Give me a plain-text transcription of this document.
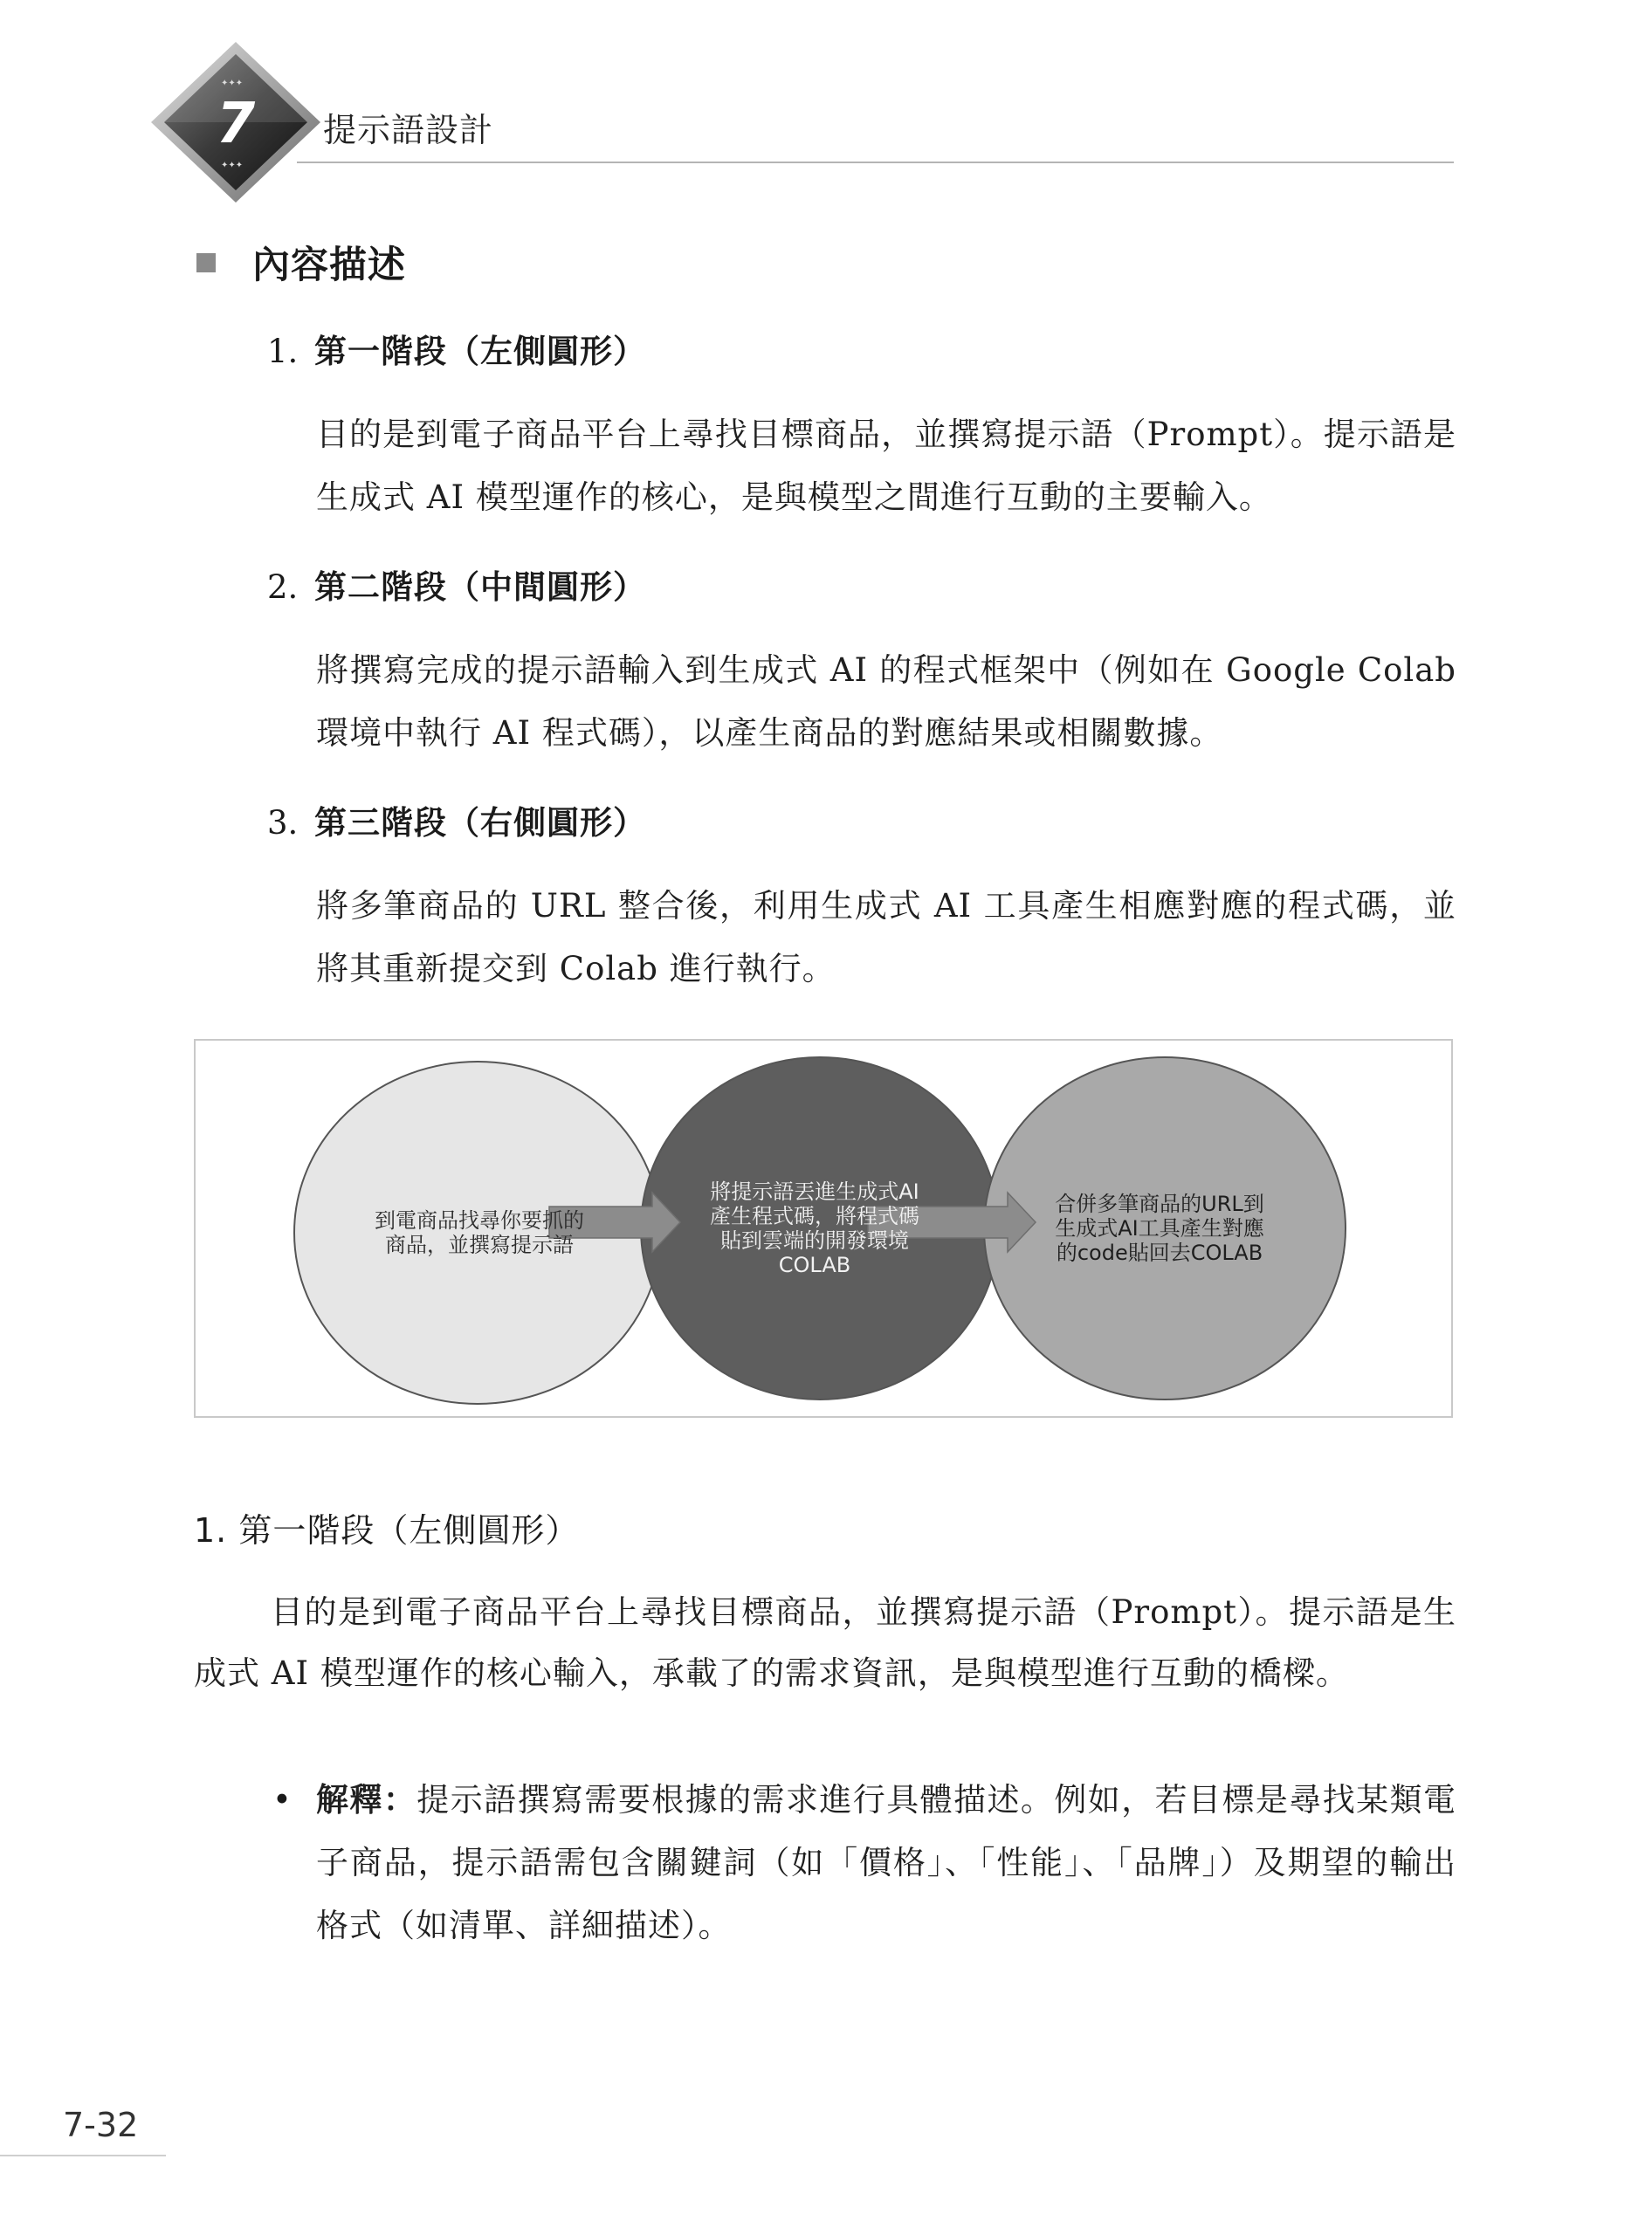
✦✦✦
✦✦✦
7 提示語設計
內容描述
1. 第一階段（左側圓形）

目的是到電子商品平台上尋找目標商品，並撰寫提示語（Prompt）。提示語是生成式 AI 模型運作的核心，是與模型之間進行互動的主要輸入。

2. 第二階段（中間圓形）

將撰寫完成的提示語輸入到生成式 AI 的程式框架中（例如在 Google Colab 環境中執行 AI 程式碼），以產生商品的對應結果或相關數據。

3. 第三階段（右側圓形）

將多筆商品的 URL 整合後，利用生成式 AI 工具產生相應對應的程式碼，並將其重新提交到 Colab 進行執行。

到電商品找尋你要抓的
商品，並撰寫提示語
將提示語丟進生成式AI
產生程式碼，將程式碼
貼到雲端的開發環境
COLAB
合併多筆商品的URL到
生成式AI工具產生對應
的code貼回去COLAB
1. 第一階段（左側圓形）

目的是到電子商品平台上尋找目標商品，並撰寫提示語（Prompt）。提示語是生成式 AI 模型運作的核心輸入，承載了的需求資訊，是與模型進行互動的橋樑。

• 解釋：提示語撰寫需要根據的需求進行具體描述。例如，若目標是尋找某類電子商品，提示語需包含關鍵詞（如「價格」、「性能」、「品牌」）及期望的輸出格式（如清單、詳細描述）。

7-32
